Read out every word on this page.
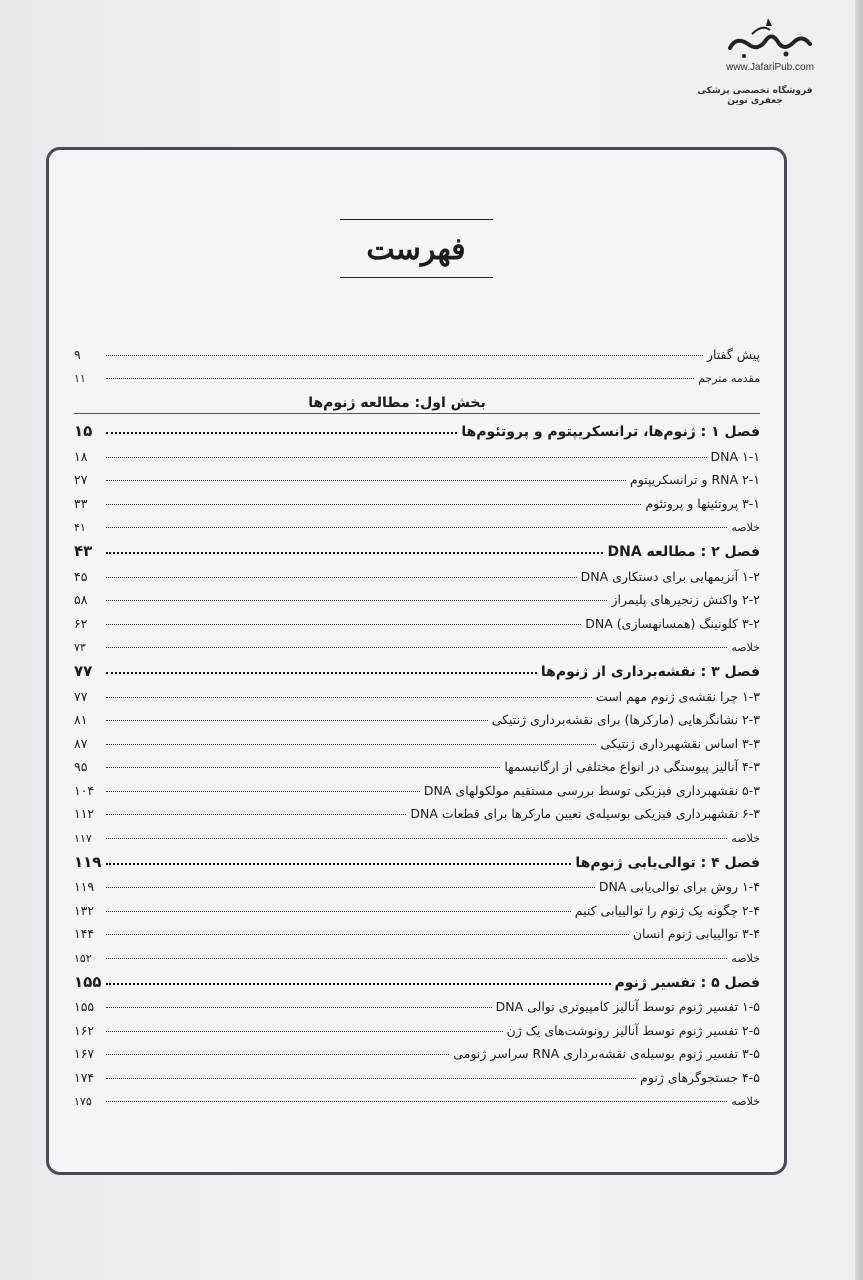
www.JafariPub.com
فروشگاه تخصصی پزشکی جعفری نوین
فهرست
پیش گفتار
۹
مقدمه مترجم
۱۱
بخش اول: مطالعه ژنوم‌ها
فصل ۱ : ژنوم‌ها، ترانسکریپتوم و پروتئوم‌ها
۱۵
۱-۱ DNA
۱۸
۲-۱ RNA و ترانسکریپتوم
۲۷
۳-۱ پروتئینها و پروتئوم
۳۳
خلاصه
۴۱
فصل ۲ : مطالعه DNA
۴۳
۱-۲ آنزیمهایی برای دستکاری DNA
۴۵
۲-۲ واکنش زنجیرهای پلیمراز
۵۸
۳-۲ کلونینگ (همسانهسازی) DNA
۶۲
خلاصه
۷۳
فصل ۳ : نقشه‌برداری از ژنوم‌ها
۷۷
۱-۳ چرا نقشه‌ی ژنوم مهم است
۷۷
۲-۳ نشانگرهایی (مارکرها) برای نقشه‌برداری ژنتیکی
۸۱
۳-۳ اساس نقشهبرداری ژنتیکی
۸۷
۴-۳ آنالیز پیوستگی در انواع مختلفی از ارگانیسمها
۹۵
۵-۳ نقشهبرداری فیزیکی توسط بررسی مستقیم مولکولهای DNA
۱۰۴
۶-۳ نقشهبرداری فیزیکی بوسیله‌ی تعیین مارکرها برای قطعات DNA
۱۱۲
خلاصه
۱۱۷
فصل ۴ : توالی‌یابی ژنوم‌ها
۱۱۹
۱-۴ روش برای توالی‌یابی DNA
۱۱۹
۲-۴ چگونه یک ژنوم را توالییابی کنیم
۱۳۲
۳-۴ توالییابی ژنوم انسان
۱۴۴
خلاصه
۱۵۲
فصل ۵ : تفسیر ژنوم
۱۵۵
۱-۵ تفسیر ژنوم توسط آنالیز کامپیوتری توالی DNA
۱۵۵
۲-۵ تفسیر ژنوم توسط آنالیز رونوشت‌های یک ژن
۱۶۲
۳-۵ تفسیر ژنوم بوسیله‌ی نقشه‌برداری RNA سراسر ژنومی
۱۶۷
۴-۵ جستجوگرهای ژنوم
۱۷۴
خلاصه
۱۷۵
